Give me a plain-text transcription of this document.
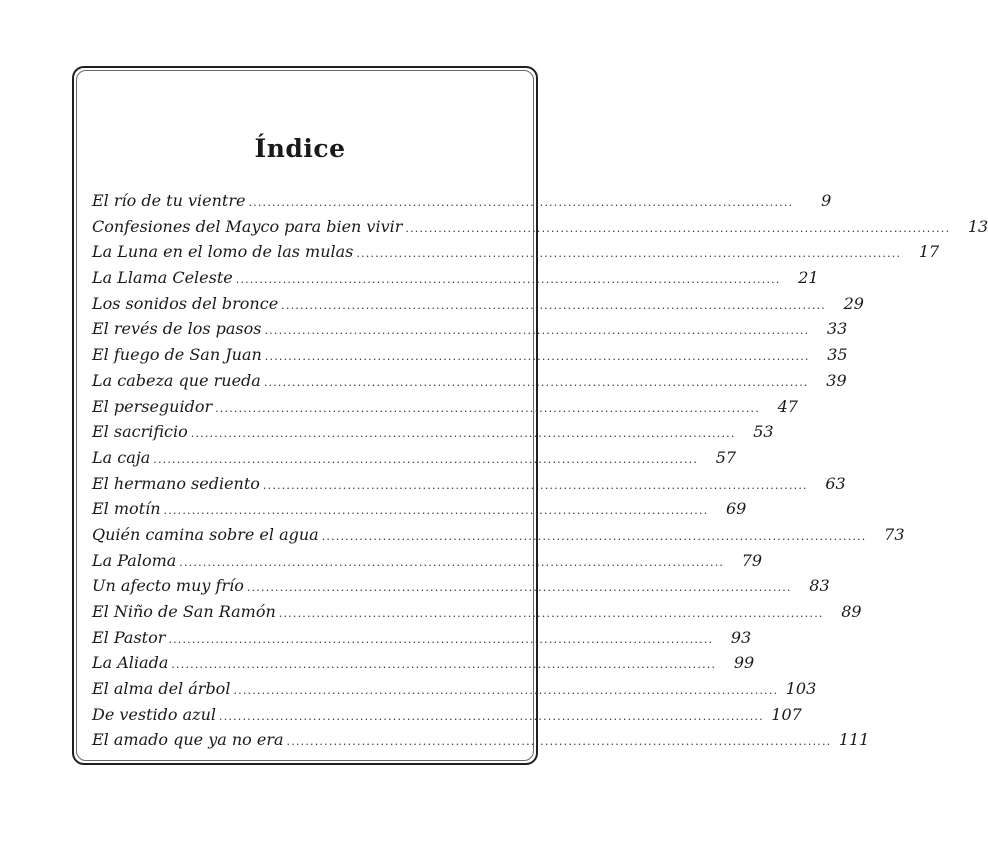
Índice
El río de tu vientre ....................................................................................................................	9
Confesiones del Mayco para bien vivir ....................................................................................................................	13
La Luna en el lomo de las mulas ....................................................................................................................	17
La Llama Celeste ....................................................................................................................	21
Los sonidos del bronce ....................................................................................................................	29
El revés de los pasos ....................................................................................................................	33
El fuego de San Juan ....................................................................................................................	35
La cabeza que rueda ....................................................................................................................	39
El perseguidor ....................................................................................................................	47
El sacrificio ....................................................................................................................	53
La caja ....................................................................................................................	57
El hermano sediento ....................................................................................................................	63
El motín ....................................................................................................................	69
Quién camina sobre el agua ....................................................................................................................	73
La Paloma ....................................................................................................................	79
Un afecto muy frío ....................................................................................................................	83
El Niño de San Ramón ....................................................................................................................	89
El Pastor ....................................................................................................................	93
La Aliada ....................................................................................................................	99
El alma del árbol .................................................................................................................... 103
De vestido azul .................................................................................................................... 107
El amado que ya no era .................................................................................................................... 111
